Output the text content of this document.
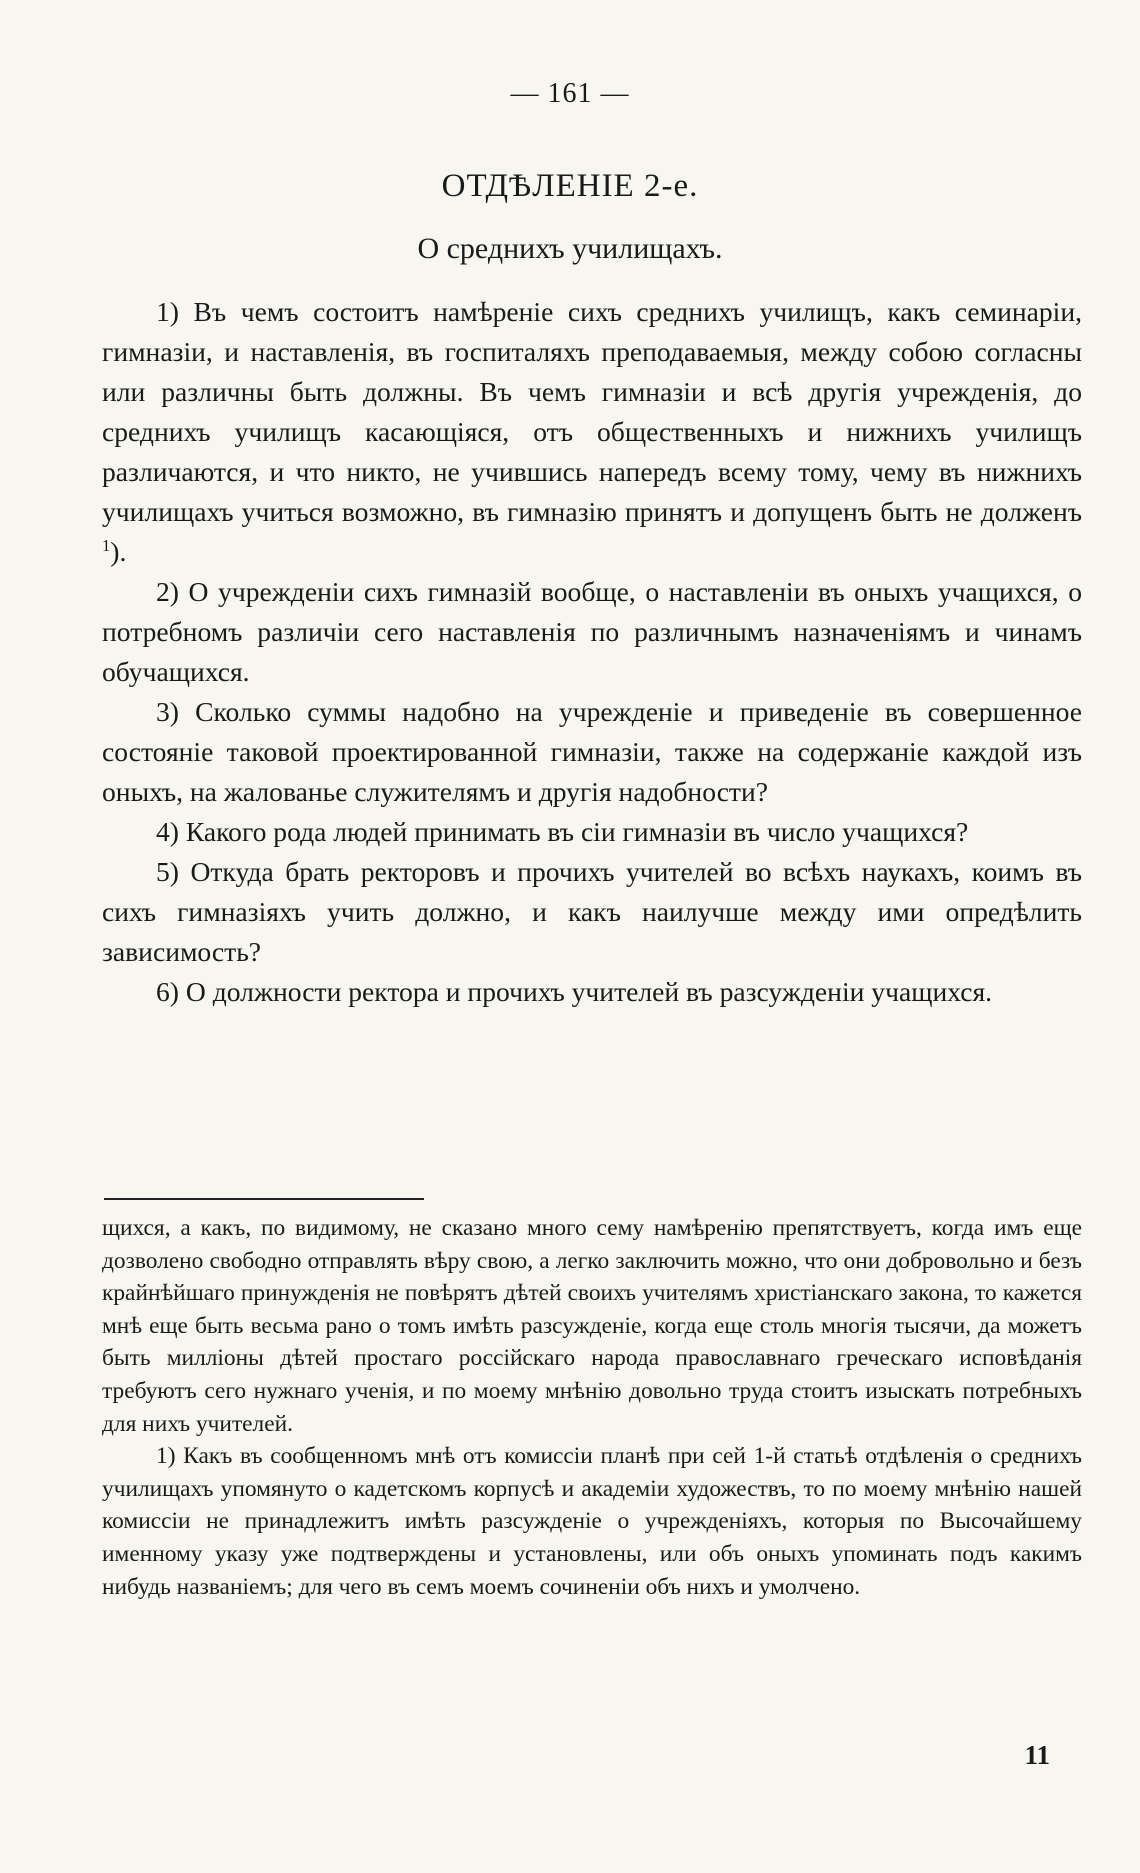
— 161 —
ОТДѢЛЕНІЕ 2-е.
О среднихъ училищахъ.

1) Въ чемъ состоитъ намѣреніе сихъ среднихъ училищъ, какъ семинаріи, гимназіи, и наставленія, въ госпиталяхъ преподаваемыя, между собою согласны или различны быть должны. Въ чемъ гимназіи и всѣ другія учрежденія, до среднихъ училищъ касающіяся, отъ общественныхъ и нижнихъ училищъ различаются, и что никто, не учившись напередъ всему тому, чему въ нижнихъ училищахъ учиться возможно, въ гимназію принятъ и допущенъ быть не долженъ $^1$).

2) О учрежденіи сихъ гимназій вообще, о наставленіи въ оныхъ учащихся, о потребномъ различіи сего наставленія по различнымъ назначеніямъ и чинамъ обучащихся.

3) Сколько суммы надобно на учрежденіе и приведеніе въ совершенное состояніе таковой проектированной гимназіи, также на содержаніе каждой изъ оныхъ, на жалованье служителямъ и другія надобности?

4) Какого рода людей принимать въ сіи гимназіи въ число учащихся?

5) Откуда брать ректоровъ и прочихъ учителей во всѣхъ наукахъ, коимъ въ сихъ гимназіяхъ учить должно, и какъ наилучше между ими опредѣлить зависимость?

6) О должности ректора и прочихъ учителей въ разсужденіи учащихся.

щихся, а какъ, по видимому, не сказано много сему намѣренію препятствуетъ, когда имъ еще дозволено свободно отправлять вѣру свою, а легко заключить можно, что они добровольно и безъ крайнѣйшаго принужденія не повѣрятъ дѣтей своихъ учителямъ христіанскаго закона, то кажется мнѣ еще быть весьма рано о томъ имѣть разсужденіе, когда еще столь многія тысячи, да можетъ быть милліоны дѣтей простаго россійскаго народа православнаго греческаго исповѣданія требуютъ сего нужнаго ученія, и по моему мнѣнію довольно труда стоитъ изыскать потребныхъ для нихъ учителей.

1) Какъ въ сообщенномъ мнѣ отъ комиссіи планѣ при сей 1-й статьѣ отдѣленія о среднихъ училищахъ упомянуто о кадетскомъ корпусѣ и академіи художествъ, то по моему мнѣнію нашей комиссіи не принадлежитъ имѣть разсужденіе о учрежденіяхъ, которыя по Высочайшему именному указу уже подтверждены и установлены, или объ оныхъ упоминать подъ какимъ нибудь названіемъ; для чего въ семъ моемъ сочиненіи объ нихъ и умолчено.

11
